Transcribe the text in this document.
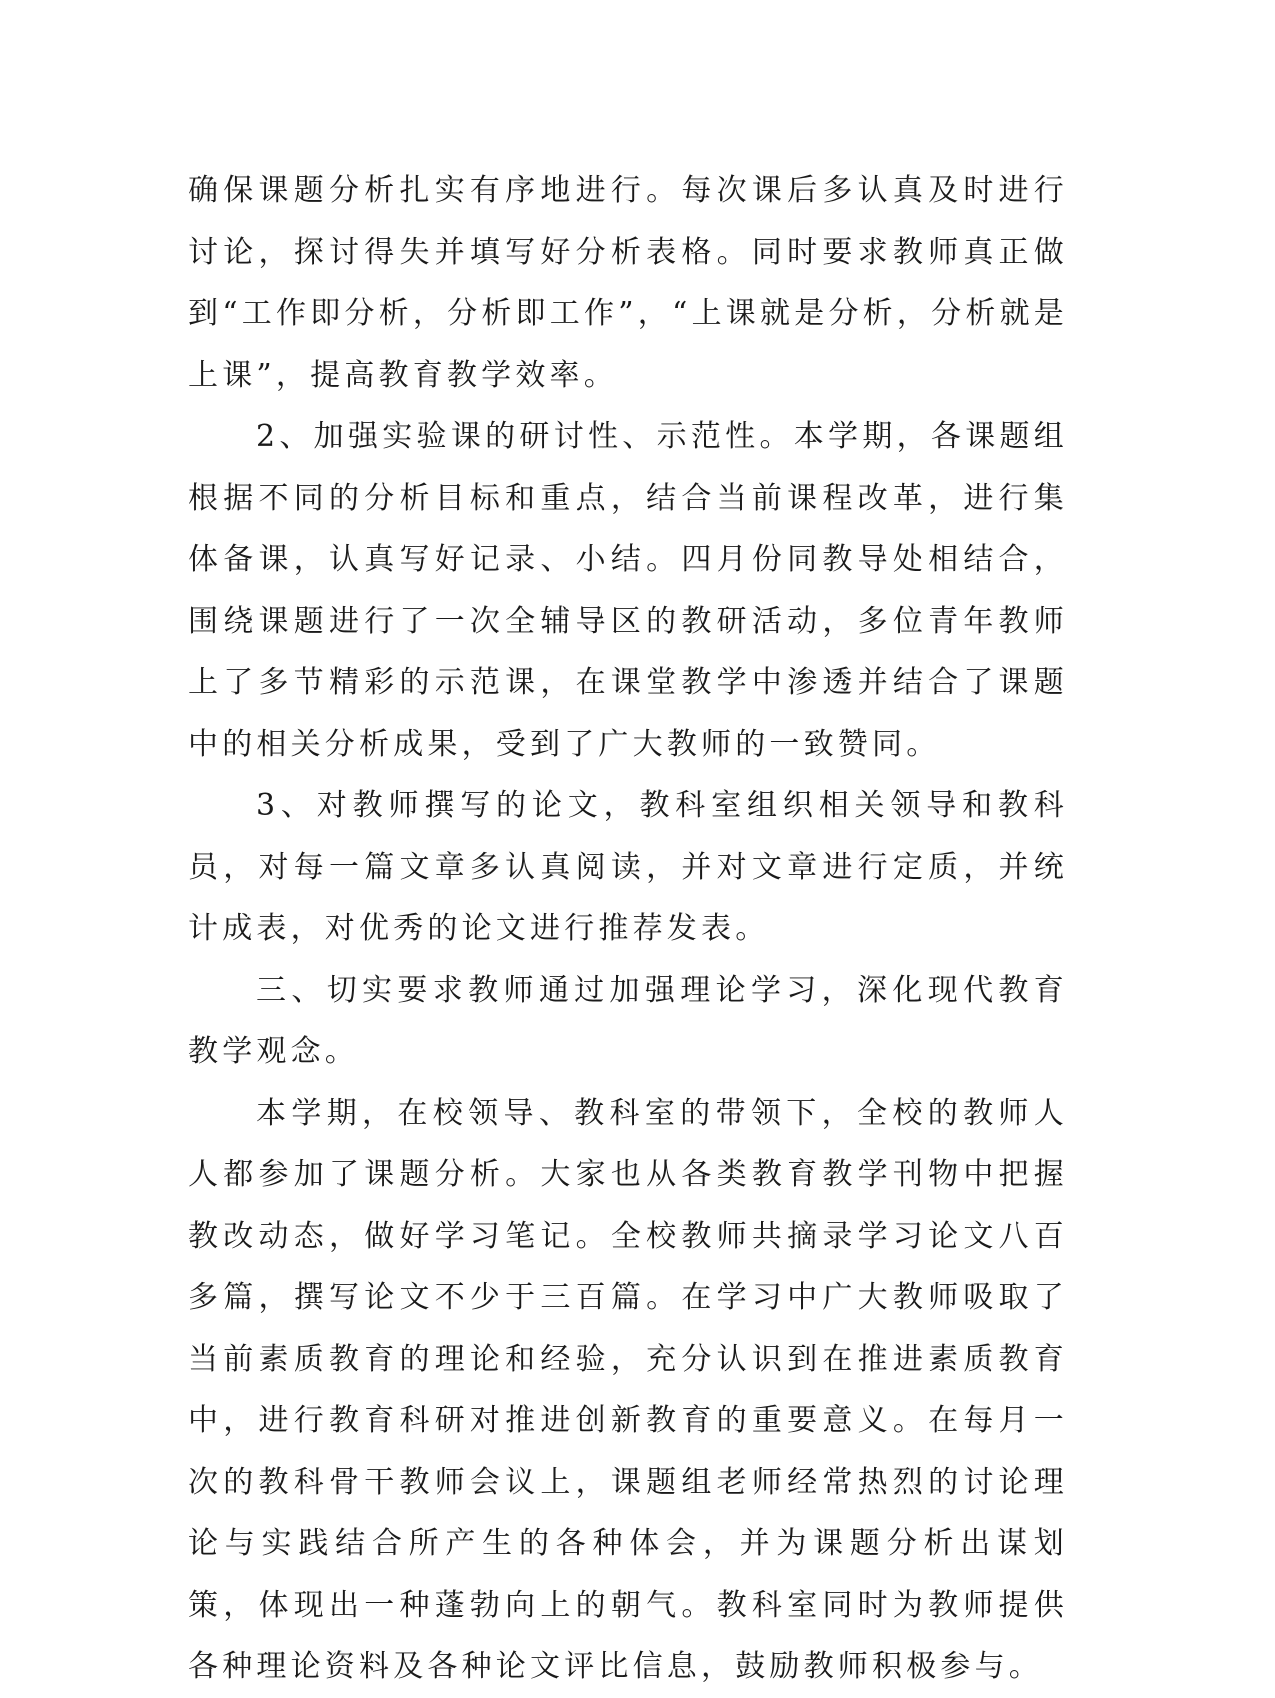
确保课题分析扎实有序地进行。每次课后多认真及时进行讨论，探讨得失并填写好分析表格。同时要求教师真正做到“工作即分析，分析即工作”，“上课就是分析，分析就是上课”，提高教育教学效率。

2、加强实验课的研讨性、示范性。本学期，各课题组根据不同的分析目标和重点，结合当前课程改革，进行集体备课，认真写好记录、小结。四月份同教导处相结合，围绕课题进行了一次全辅导区的教研活动，多位青年教师上了多节精彩的示范课，在课堂教学中渗透并结合了课题中的相关分析成果，受到了广大教师的一致赞同。

3、对教师撰写的论文，教科室组织相关领导和教科员，对每一篇文章多认真阅读，并对文章进行定质，并统计成表，对优秀的论文进行推荐发表。

三、切实要求教师通过加强理论学习，深化现代教育教学观念。

本学期，在校领导、教科室的带领下，全校的教师人人都参加了课题分析。大家也从各类教育教学刊物中把握教改动态，做好学习笔记。全校教师共摘录学习论文八百多篇，撰写论文不少于三百篇。在学习中广大教师吸取了当前素质教育的理论和经验，充分认识到在推进素质教育中，进行教育科研对推进创新教育的重要意义。在每月一次的教科骨干教师会议上，课题组老师经常热烈的讨论理论与实践结合所产生的各种体会，并为课题分析出谋划策，体现出一种蓬勃向上的朝气。教科室同时为教师提供各种理论资料及各种论文评比信息，鼓励教师积极参与。
